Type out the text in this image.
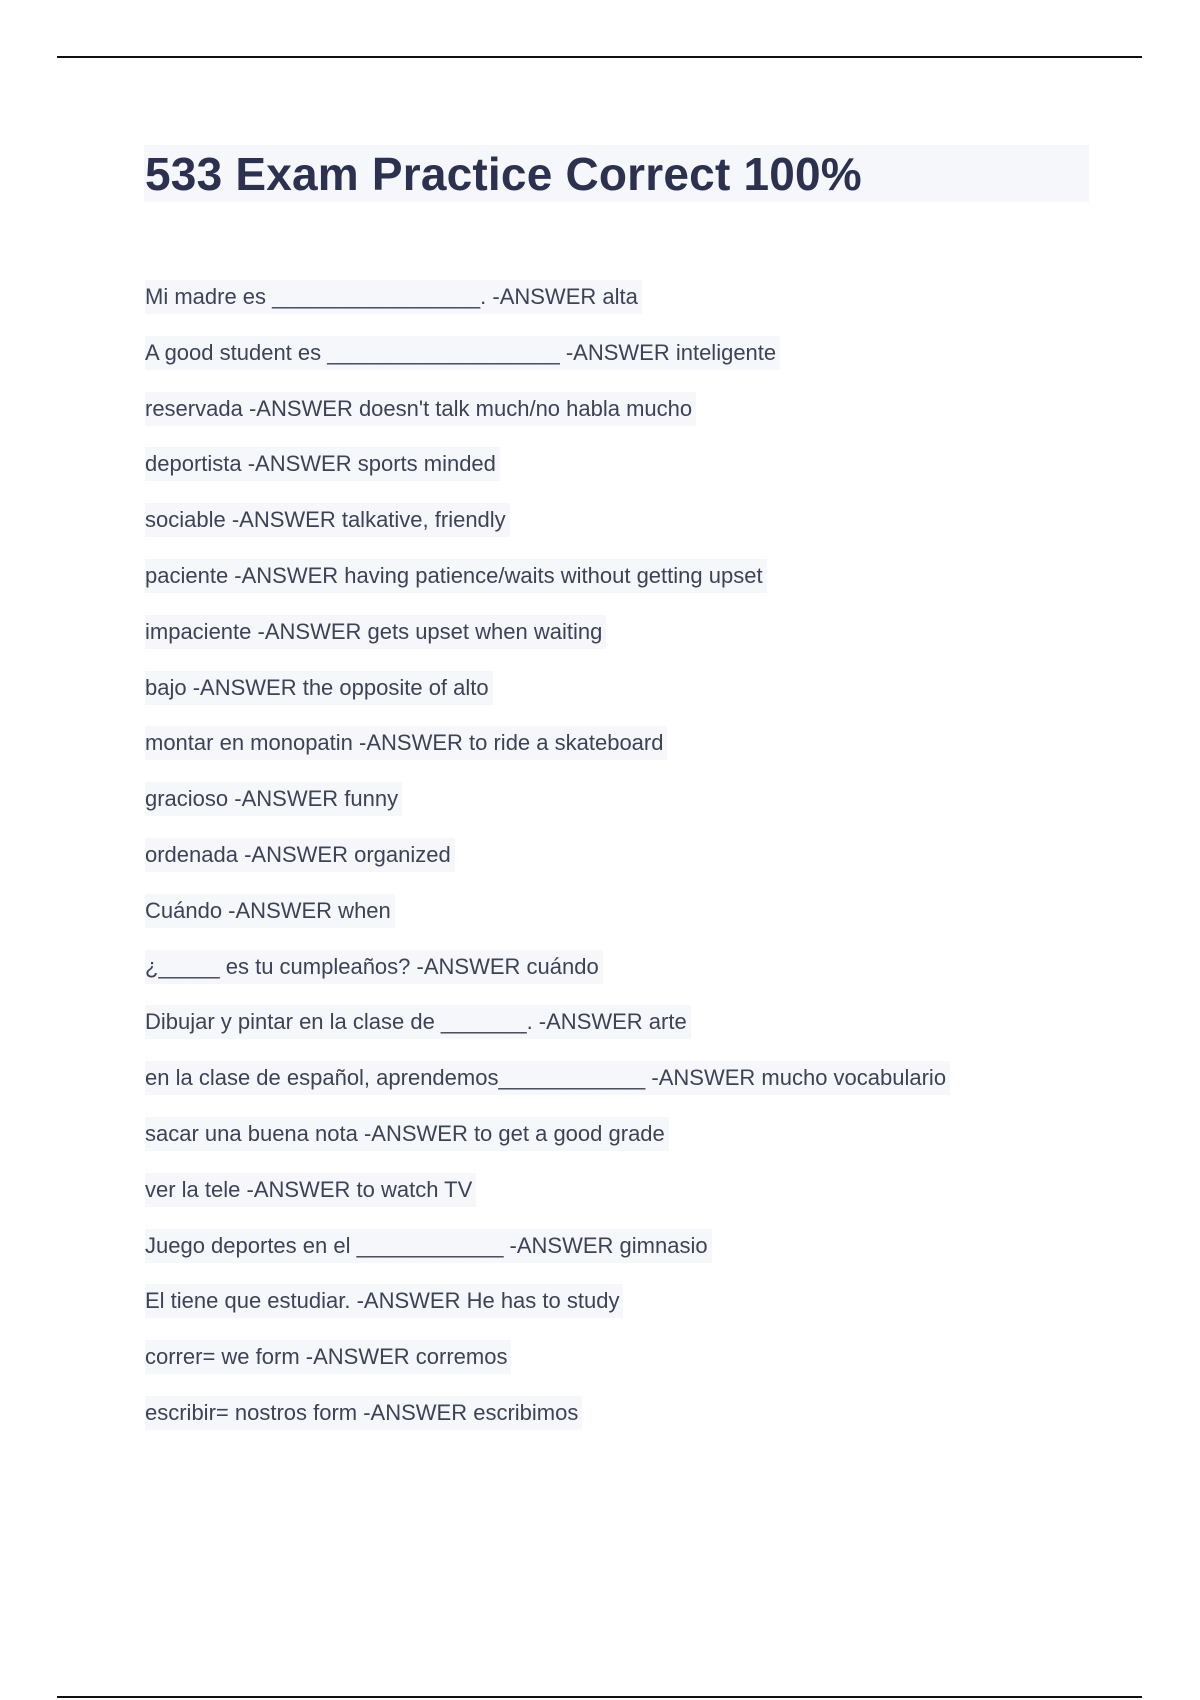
533 Exam Practice Correct 100%
Mi madre es _________________. -ANSWER alta
A good student es ___________________ -ANSWER inteligente
reservada -ANSWER doesn't talk much/no habla mucho
deportista -ANSWER sports minded
sociable -ANSWER talkative, friendly
paciente -ANSWER having patience/waits without getting upset
impaciente -ANSWER gets upset when waiting
bajo -ANSWER the opposite of alto
montar en monopatin -ANSWER to ride a skateboard
gracioso -ANSWER funny
ordenada -ANSWER organized
Cuándo -ANSWER when
¿_____ es tu cumpleaños? -ANSWER cuándo
Dibujar y pintar en la clase de _______. -ANSWER arte
en la clase de español, aprendemos____________ -ANSWER mucho vocabulario
sacar una buena nota -ANSWER to get a good grade
ver la tele -ANSWER to watch TV
Juego deportes en el ____________ -ANSWER gimnasio
El tiene que estudiar. -ANSWER He has to study
correr= we form -ANSWER corremos
escribir= nostros form -ANSWER escribimos
